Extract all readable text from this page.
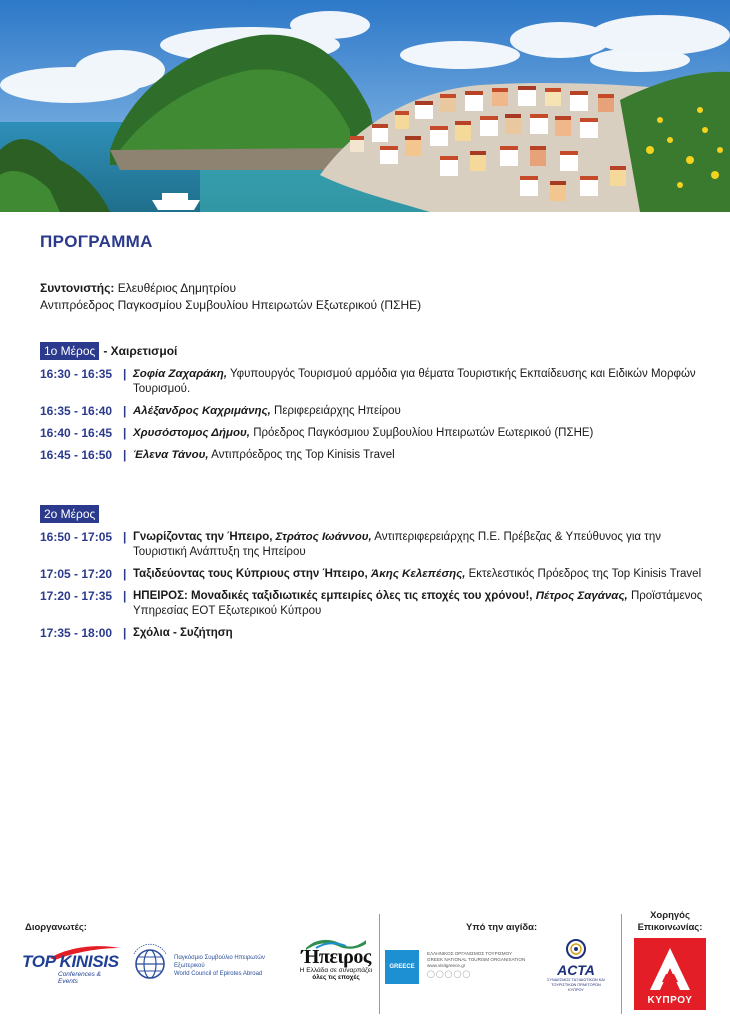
ΠΡΟΓΡΑΜΜΑ
Συντονιστής: Ελευθέριος Δημητρίου
Αντιπρόεδρος Παγκοσμίου Συμβουλίου Ηπειρωτών Εξωτερικού (ΠΣΗΕ)
1ο Μέρος - Χαιρετισμοί
16:30 - 16:35 | Σοφία Ζαχαράκη, Υφυπουργός Τουρισμού αρμόδια για θέματα Τουριστικής Εκπαίδευσης και Ειδικών Μορφών Τουρισμού.
16:35 - 16:40 | Αλέξανδρος Καχριμάνης, Περιφερειάρχης Ηπείρου
16:40 - 16:45 | Χρυσόστομος Δήμου, Πρόεδρος Παγκόσμιου Συμβουλίου Ηπειρωτών Εωτερικού (ΠΣΗΕ)
16:45 - 16:50 | Έλενα Τάνου, Αντιπρόεδρος της Top Kinisis Travel
2ο Μέρος
16:50 - 17:05 | Γνωρίζοντας την Ήπειρο, Στράτος Ιωάννου, Αντιπεριφερειάρχης Π.Ε. Πρέβεζας & Υπεύθυνος για την Τουριστική Ανάπτυξη της Ηπείρου
17:05 - 17:20 | Ταξιδεύοντας τους Κύπριους στην Ήπειρο, Άκης Κελεπέσης, Εκτελεστικός Πρόεδρος της Top Kinisis Travel
17:20 - 17:35 | ΗΠΕΙΡΟΣ: Μοναδικές ταξιδιωτικές εμπειρίες όλες τις εποχές του χρόνου!, Πέτρος Σαγάνας, Προϊστάμενος Υπηρεσίας ΕΟΤ Εξωτερικού Κύπρου
17:35 - 18:00 | Σχόλια - Συζήτηση
Διοργανωτές:	Υπό την αιγίδα:
Χορηγός
Επικοινωνίας:
TOP KINISIS
Conferences & Events
Παγκόσμιο Συμβούλιο Ηπειρωτών Εξωτερικού
World Council of Epirotes Abroad
Ήπειρος
Η Ελλάδα σε συναρπάζει
όλες τις εποχές
GREECE
ΕΛΛΗΝΙΚΟΣ ΟΡΓΑΝΙΣΜΟΣ ΤΟΥΡΙΣΜΟΥ
GREEK NATIONAL TOURISM ORGANISATION
www.visitgreece.gr
◯◯◯◯◯	ACTA
ΣΥΝΔΕΣΜΟΣ ΤΑΞΙΔΙΩΤΙΚΩΝ ΚΑΙ ΤΟΥΡΙΣΤΙΚΩΝ ΠΡΑΚΤΟΡΩΝ ΚΥΠΡΟΥ
ΚΥΠΡΟΥ
